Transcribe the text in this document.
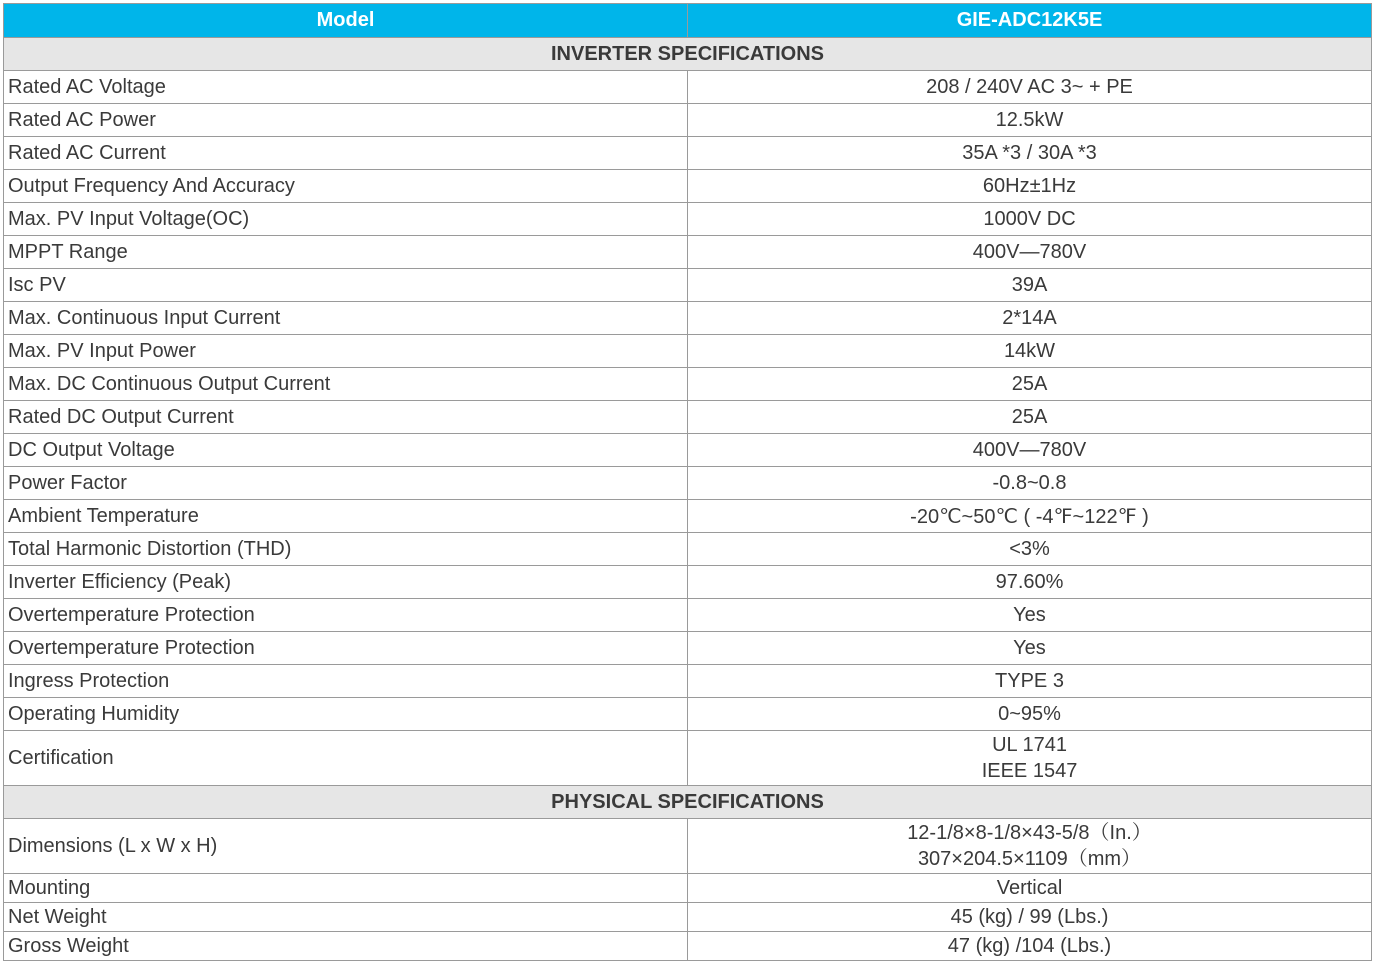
Model	GIE-ADC12K5E
INVERTER SPECIFICATIONS	
Rated AC Voltage	208 / 240V AC 3~ + PE
Rated AC Power	12.5kW
Rated AC Current	35A *3 / 30A *3
Output Frequency And Accuracy	60Hz±1Hz
Max. PV Input Voltage(OC)	1000V DC
MPPT Range	400V—780V
Isc PV	39A
Max. Continuous Input Current	2*14A
Max. PV Input Power	14kW
Max. DC Continuous Output Current	25A
Rated DC Output Current	25A
DC Output Voltage	400V—780V
Power Factor	-0.8~0.8
Ambient Temperature	-20℃~50℃ ( -4℉~122℉ )
Total Harmonic Distortion (THD)	<3%
Inverter Efficiency (Peak)	97.60%
Overtemperature Protection	Yes
Overtemperature Protection	Yes
Ingress Protection	TYPE 3
Operating Humidity	0~95%
Certification	UL 1741
IEEE 1547

PHYSICAL SPECIFICATIONS	
Dimensions (L x W x H)	12-1/8×8-1/8×43-5/8（In.）
307×204.5×1109（mm）

Mounting	Vertical
Net Weight	45 (kg) / 99 (Lbs.)
Gross Weight	47 (kg) /104 (Lbs.)
